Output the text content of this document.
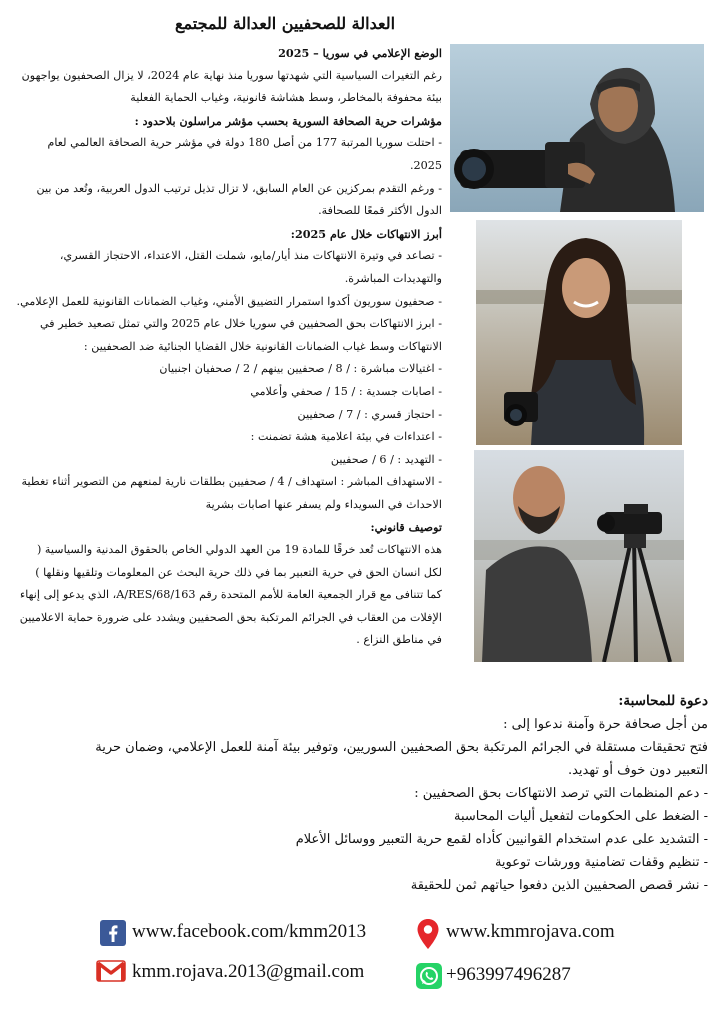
العدالة للصحفيين العدالة للمجتمع

الوضع الإعلامي في سوريا – 2025

رغم التغيرات السياسية التي شهدتها سوريا منذ نهاية عام 2024، لا يزال الصحفيون يواجهون

بيئة محفوفة بالمخاطر، وسط هشاشة قانونية، وغياب الحماية الفعلية

مؤشرات حرية الصحافة السورية بحسب مؤشر مراسلون بلاحدود :

- احتلت سوريا المرتبة 177 من أصل 180 دولة في مؤشر حرية الصحافة العالمي لعام 2025.

- ورغم التقدم بمركزين عن العام السابق، لا تزال تذيل ترتيب الدول العربية، وتُعد من بين

الدول الأكثر قمعًا للصحافة.

أبرز الانتهاكات خلال عام 2025:

- تصاعد في وتيرة الانتهاكات منذ أيار/مايو، شملت القتل، الاعتداء، الاحتجاز القسري،

والتهديدات المباشرة.

- صحفيون سوريون أكدوا استمرار التضييق الأمني، وغياب الضمانات القانونية للعمل الإعلامي.

- ابرز الانتهاكات بحق الصحفيين في سوريا خلال عام 2025 والتي تمثل تصعيد خطير في

الانتهاكات وسط غياب الضمانات القانونية خلال القضايا الجنائية ضد الصحفيين :

- اغتيالات مباشرة : / 8 / صحفيين بينهم / 2 / صحفيان اجنبيان

- اصابات جسدية : / 15 / صحفي وأعلامي

- احتجاز قسري : / 7 / صحفيين

- اعتداءات في بيئة اعلامية هشة تضمنت :

- التهديد : / 6 / صحفيين

- الاستهداف المباشر : استهداف / 4 / صحفيين بطلقات نارية لمنعهم من التصوير أثناء تغطية

الاحداث في السويداء ولم يسفر عنها اصابات بشرية

توصيف قانوني:

هذه الانتهاكات تُعد خرقًا للمادة 19 من العهد الدولي الخاص بالحقوق المدنية والسياسية (

لكل انسان الحق في حرية التعبير بما في ذلك حرية البحث عن المعلومات وتلقيها ونقلها )

كما تتنافى مع قرار الجمعية العامة للأمم المتحدة رقم 163/A/RES/68، الذي يدعو إلى إنهاء

الإفلات من العقاب في الجرائم المرتكبة بحق الصحفيين ويشدد على ضرورة حماية الاعلاميين

في مناطق النزاع .

دعوة للمحاسبة:

من أجل صحافة حرة وآمنة ندعوا إلى :

فتح تحقيقات مستقلة في الجرائم المرتكبة بحق الصحفيين السوريين، وتوفير بيئة آمنة للعمل الإعلامي، وضمان حرية

التعبير دون خوف أو تهديد.

- دعم المنظمات التي ترصد الانتهاكات بحق الصحفيين :

- الضغط على الحكومات لتفعيل أليات المحاسبة

- التشديد على عدم استخدام القوانيين كأداه لقمع حرية التعبير ووسائل الأعلام

- تنظيم وقفات تضامنية وورشات توعوية

- نشر قصص الصحفيين الذين دفعوا حياتهم ثمن للحقيقة

www.facebook.com/kmm2013	www.kmmrojava.com
kmm.rojava.2013@gmail.com	+963997496287
